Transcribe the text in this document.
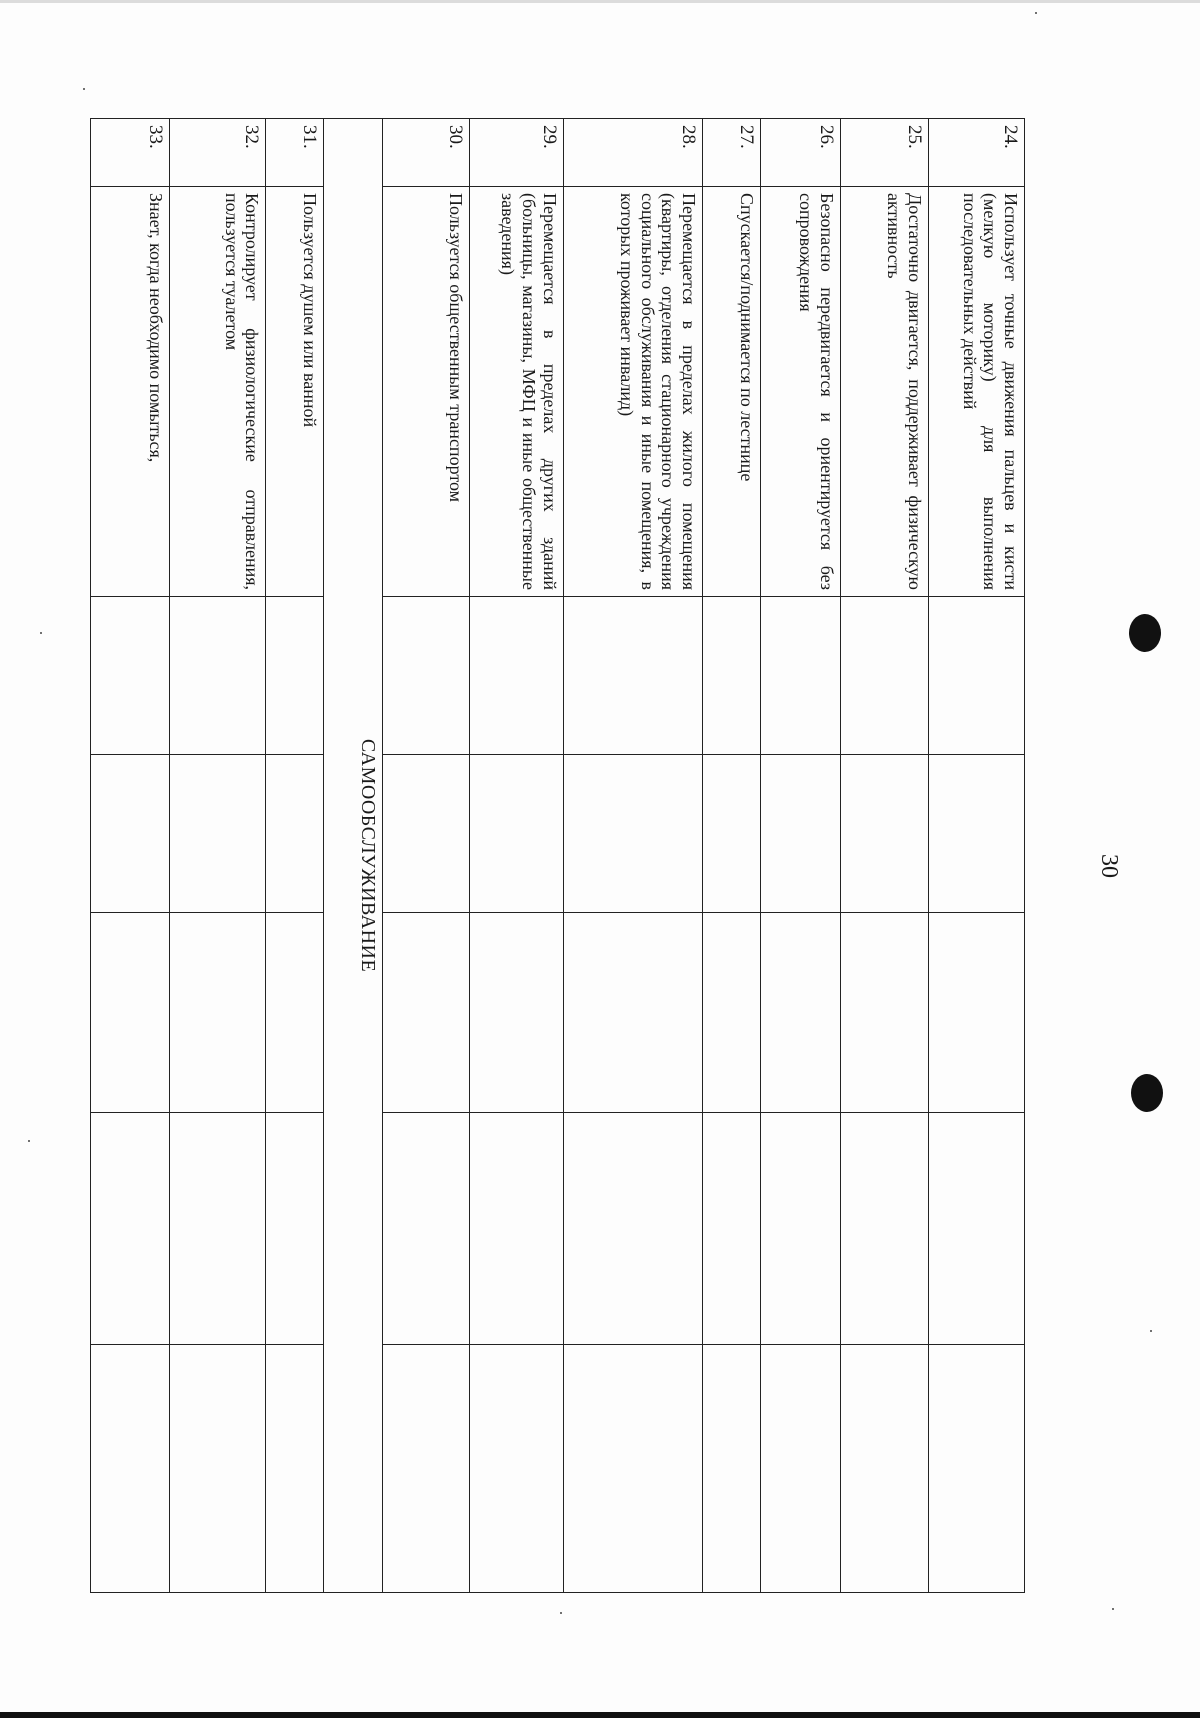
24.	Использует точные движения пальцев и кисти (мелкую моторику) для выполнения последовательных действий					
25.	Достаточно двигается, поддерживает физическую активность					
26.	Безопасно передвигается и ориентируется без сопровождения					
27.	Спускается/поднимается по лестнице					
28.	Перемещается в пределах жилого помещения (квартиры, отделения стационарного учреждения социального обслуживания и иные помещения, в которых проживает инвалид)					
29.	Перемещается в пределах других зданий (больницы, магазины, МФЦ и иные общественные заведения)					
30.	Пользуется общественным транспортом					
САМООБСЛУЖИВАНИЕ						
31.	Пользуется душем или ванной					
32.	Контролирует физиологические отправления, пользуется туалетом					
33.	Знает, когда необходимо помыться,					
30
